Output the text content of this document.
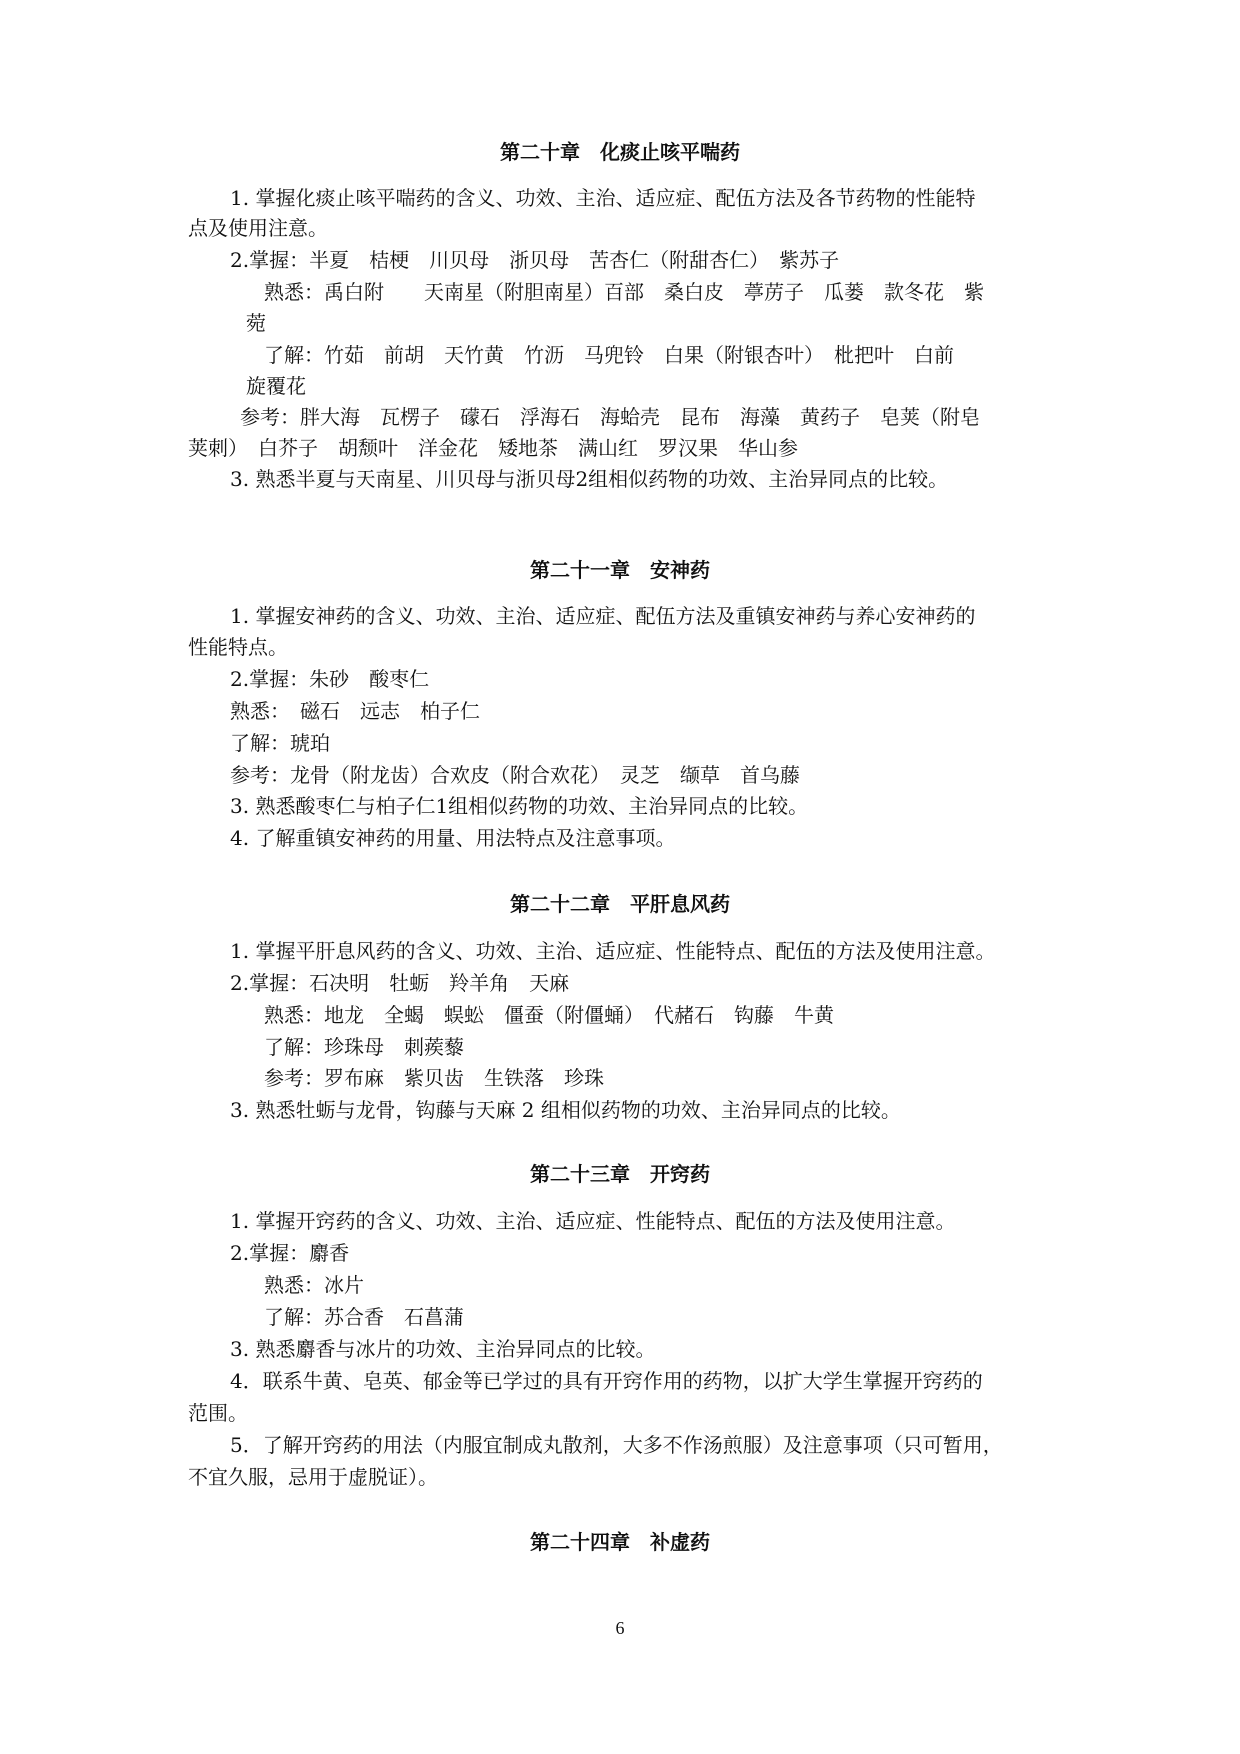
第二十章　化痰止咳平喘药
1. 掌握化痰止咳平喘药的含义、功效、主治、适应症、配伍方法及各节药物的性能特
点及使用注意。
2.掌握：半夏　桔梗　川贝母　浙贝母　苦杏仁（附甜杏仁）　紫苏子
熟悉：禹白附　　天南星（附胆南星）百部　桑白皮　葶苈子　瓜蒌　款冬花　紫
菀
了解：竹茹　前胡　天竹黄　竹沥　马兜铃　白果（附银杏叶）　枇把叶　白前
旋覆花
参考：胖大海　瓦楞子　礞石　浮海石　海蛤壳　昆布　海藻　黄药子　皂荚（附皂
荚刺）　白芥子　胡颓叶　洋金花　矮地茶　满山红　罗汉果　华山参
3. 熟悉半夏与天南星、川贝母与浙贝母2组相似药物的功效、主治异同点的比较。
第二十一章　安神药
1. 掌握安神药的含义、功效、主治、适应症、配伍方法及重镇安神药与养心安神药的
性能特点。
2.掌握：朱砂　酸枣仁
熟悉：　磁石　远志　柏子仁
了解：琥珀
参考：龙骨（附龙齿）合欢皮（附合欢花）　灵芝　缬草　首乌藤
3. 熟悉酸枣仁与柏子仁1组相似药物的功效、主治异同点的比较。
4. 了解重镇安神药的用量、用法特点及注意事项。
第二十二章　平肝息风药
1. 掌握平肝息风药的含义、功效、主治、适应症、性能特点、配伍的方法及使用注意。
2.掌握：石决明　牡蛎　羚羊角　天麻
熟悉：地龙　全蝎　蜈蚣　僵蚕（附僵蛹）　代赭石　钩藤　牛黄
了解：珍珠母　刺蒺藜
参考：罗布麻　紫贝齿　生铁落　珍珠
3. 熟悉牡蛎与龙骨，钩藤与天麻 2 组相似药物的功效、主治异同点的比较。
第二十三章　开窍药
1. 掌握开窍药的含义、功效、主治、适应症、性能特点、配伍的方法及使用注意。
2.掌握：麝香
熟悉：冰片
了解：苏合香　石菖蒲
3. 熟悉麝香与冰片的功效、主治异同点的比较。
4．联系牛黄、皂英、郁金等已学过的具有开窍作用的药物，以扩大学生掌握开窍药的
范围。
5．了解开窍药的用法（内服宜制成丸散剂，大多不作汤煎服）及注意事项（只可暂用，
不宜久服，忌用于虚脱证）。
第二十四章　补虚药
6
